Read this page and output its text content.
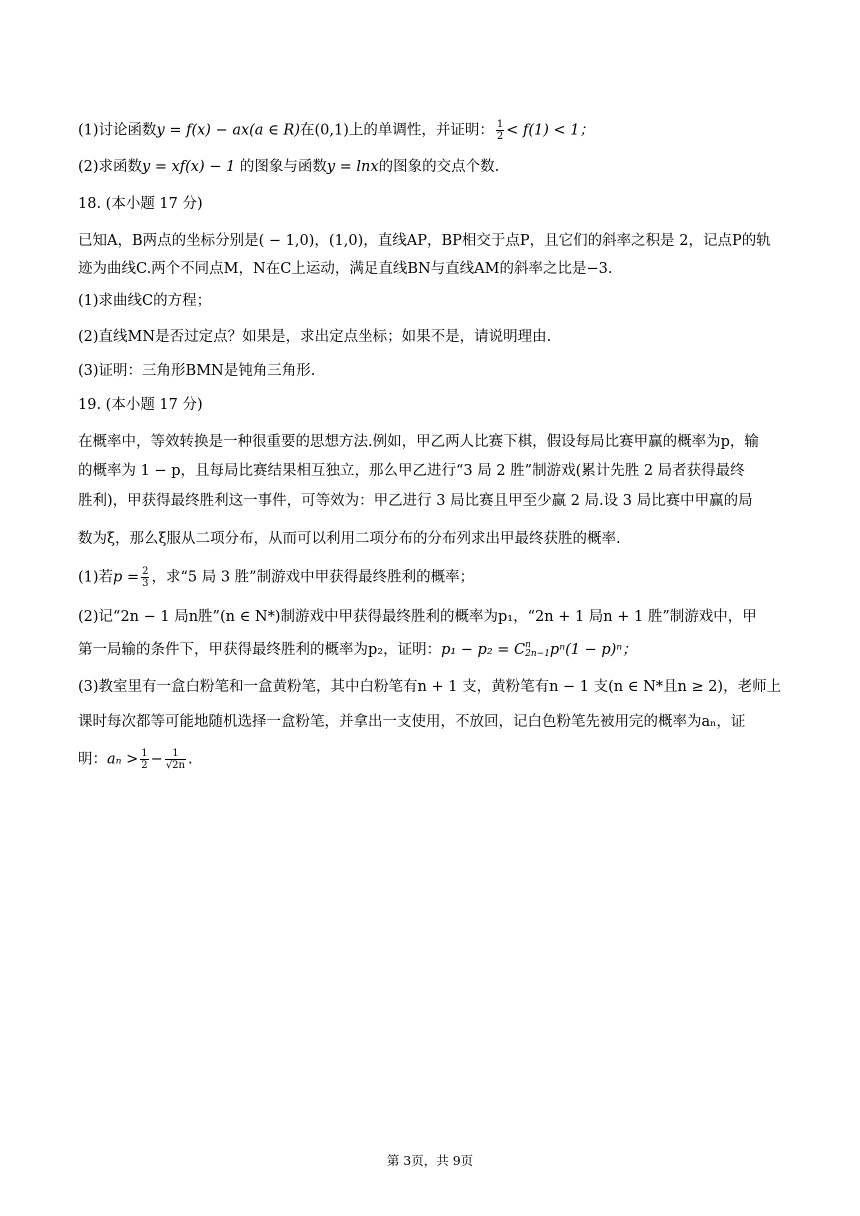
(1)讨论函数y = f(x) − ax(a ∈ R)在(0,1)上的单调性，并证明： $\frac{1}{2} < f(1) < 1$；
(2)求函数y = xf(x) − 1 的图象与函数y = lnx的图象的交点个数.
18. (本小题 17 分)
已知A，B两点的坐标分别是( − 1,0)，(1,0)，直线AP，BP相交于点P，且它们的斜率之积是 2，记点P的轨
迹为曲线C.两个不同点M，N在C上运动，满足直线BN与直线AM的斜率之比是−3.
(1)求曲线C的方程；
(2)直线MN是否过定点？如果是，求出定点坐标；如果不是，请说明理由.
(3)证明：三角形BMN是钝角三角形.
19. (本小题 17 分)
在概率中，等效转换是一种很重要的思想方法.例如，甲乙两人比赛下棋，假设每局比赛甲赢的概率为p，输
的概率为 1 − p，且每局比赛结果相互独立，那么甲乙进行“3 局 2 胜”制游戏(累计先胜 2 局者获得最终
胜利)，甲获得最终胜利这一事件，可等效为：甲乙进行 3 局比赛且甲至少赢 2 局.设 3 局比赛中甲赢的局
数为ξ，那么ξ服从二项分布，从而可以利用二项分布的分布列求出甲最终获胜的概率.
(1)若$p = \frac{2}{3}$ ，求“5 局 3 胜”制游戏中甲获得最终胜利的概率；
(2)记“2n − 1 局n胜”(n ∈ N*)制游戏中甲获得最终胜利的概率为p₁，“2n + 1 局n + 1 胜”制游戏中，甲
第一局输的条件下，甲获得最终胜利的概率为p₂，证明：p₁ − p₂ = C n
2n−1 pⁿ(1 − p)ⁿ；
(3)教室里有一盒白粉笔和一盒黄粉笔，其中白粉笔有n + 1 支，黄粉笔有n − 1 支(n ∈ N*且n ≥ 2)，老师上
课时每次都等可能地随机选择一盒粉笔，并拿出一支使用，不放回，记白色粉笔先被用完的概率为aₙ，证
明：$a_n > \frac{1}{2} - \frac{1}{√2n}$ .
第 3页，共 9页
